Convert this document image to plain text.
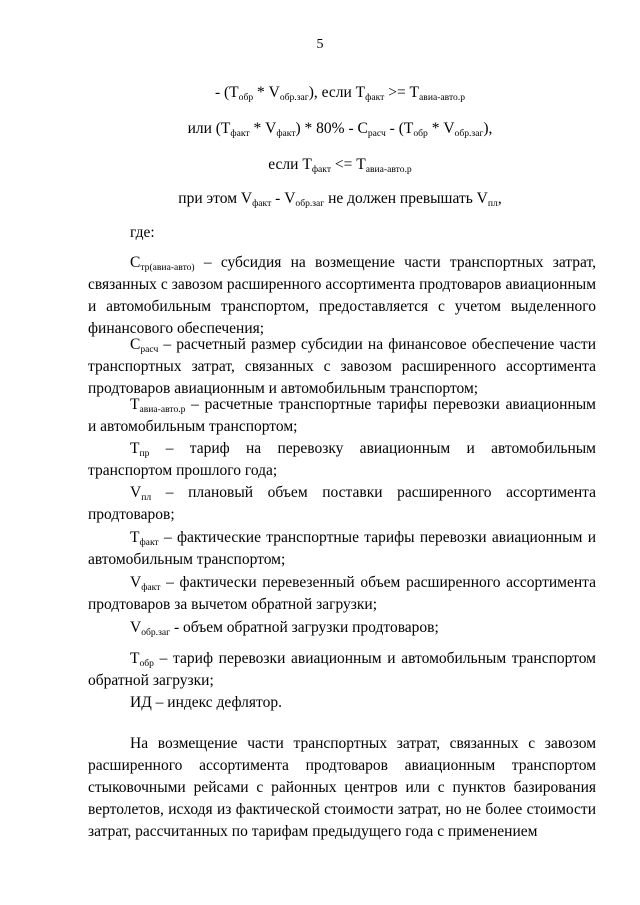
5
- $(Т_{обр} * V_{обр.заг})$, если $Т_{факт} >= Т_{авиа-авто.р}$
или $(Т_{факт} * V_{факт}) * 80\% - С_{расч} - (Т_{обр} * V_{обр.заг})$,
если $Т_{факт} <= Т_{авиа-авто.р}$
при этом $V_{факт} - V_{обр.заг}$ не должен превышать $V_{пл}$,
где:
$С_{тр(авиа-авто)}$ – субсидия на возмещение части транспортных затрат, связанных с завозом расширенного ассортимента продтоваров авиационным и автомобильным транспортом, предоставляется с учетом выделенного финансового обеспечения;
$С_{расч}$ – расчетный размер субсидии на финансовое обеспечение части транспортных затрат, связанных с завозом расширенного ассортимента продтоваров авиационным и автомобильным транспортом;
$Т_{авиа-авто.р}$ – расчетные транспортные тарифы перевозки авиационным и автомобильным транспортом;
$Т_{пр}$ – тариф на перевозку авиационным и автомобильным транспортом прошлого года;
$V_{пл}$ – плановый объем поставки расширенного ассортимента продтоваров;
$Т_{факт}$ – фактические транспортные тарифы перевозки авиационным и автомобильным транспортом;
$V_{факт}$ – фактически перевезенный объем расширенного ассортимента продтоваров за вычетом обратной загрузки;
$V_{обр.заг}$ - объем обратной загрузки продтоваров;
$Т_{обр}$ – тариф перевозки авиационным и автомобильным транспортом обратной загрузки;
ИД – индекс дефлятор.
На возмещение части транспортных затрат, связанных с завозом расширенного ассортимента продтоваров авиационным транспортом стыковочными рейсами с районных центров или с пунктов базирования вертолетов, исходя из фактической стоимости затрат, но не более стоимости затрат, рассчитанных по тарифам предыдущего года с применением
